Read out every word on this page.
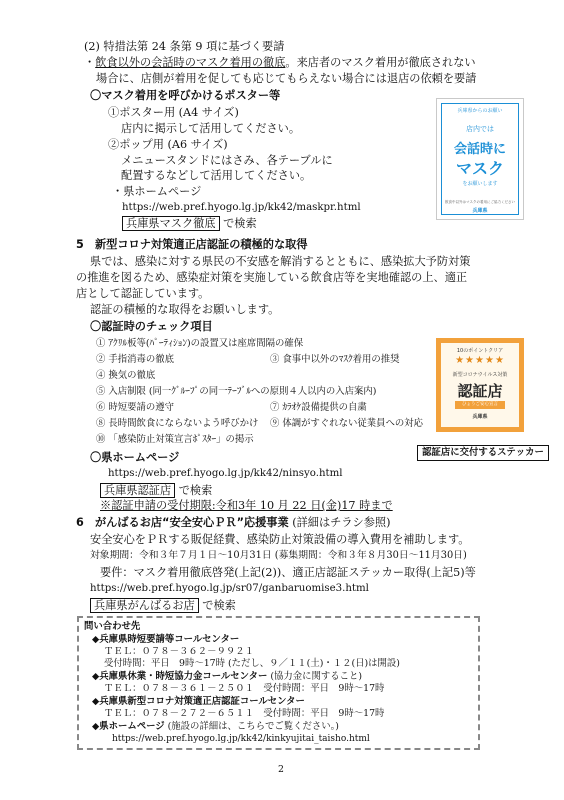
(2) 特措法第 24 条第 9 項に基づく要請
・飲食以外の会話時のマスク着用の徹底。来店者のマスク着用が徹底されない
場合に、店側が着用を促しても応じてもらえない場合には退店の依頼を要請
〇マスク着用を呼びかけるポスター等
①ポスター用 (A4 サイズ)
店内に掲示して活用してください。
②ポップ用 (A6 サイズ)
メニュースタンドにはさみ、各テーブルに
配置するなどして活用してください。
・県ホームページ
https://web.pref.hyogo.lg.jp/kk42/maskpr.html
兵庫県マスク徹底 で検索
兵庫県からのお願い
店内では
会話時に
マスク
をお願いします
飲食中以外はマスクの着用にご協力ください
兵庫県
5　新型コロナ対策適正店認証の積極的な取得
県では、感染に対する県民の不安感を解消するとともに、感染拡大予防対策
の推進を図るため、感染症対策を実施している飲食店等を実地確認の上、適正
店として認証しています。
認証の積極的な取得をお願いします。
〇認証時のチェック項目
① ｱｸﾘﾙ板等(ﾊﾟｰﾃｨｼｮﾝ)の設置又は座席間隔の確保
② 手指消毒の徹底	③ 食事中以外のﾏｽｸ着用の推奨
④ 換気の徹底
⑤ 入店制限 (同一ｸﾞﾙｰﾌﾟの同一ﾃｰﾌﾞﾙへの原則４人以内の入店案内)
⑥ 時短要請の遵守	⑦ ｶﾗｵｹ設備提供の自粛
⑧ 長時間飲食にならないよう呼びかけ ⑨ 体調がすぐれない従業員への対応
⑩ 「感染防止対策宣言ﾎﾟｽﾀｰ」の掲示
〇県ホームページ
https://web.pref.hyogo.lg.jp/kk42/ninsyo.html
兵庫県認証店 で検索
※認証申請の受付期限:令和3年 10 月 22 日(金)17 時まで
10のポイントクリア
★★★★★
新型コロナウイルス対策
認証店
ひょうご安心宣言
兵庫県
認証店に交付するステッカー
6　がんばるお店“安全安心ＰＲ”応援事業 (詳細はチラシ参照)
安全安心をＰＲする販促経費、感染防止対策設備の導入費用を補助します。
対象期間：令和３年７月１日～10月31日 (募集期間：令和３年８月30日～11月30日)
要件：マスク着用徹底啓発(上記(2))、適正店認証ステッカー取得(上記5)等
https://web.pref.hyogo.lg.jp/sr07/ganbaruomise3.html
兵庫県がんばるお店 で検索
問い合わせ先
◆兵庫県時短要請等コールセンター
ＴＥＬ：０７８－３６２－９９２１
受付時間：平日　9時～17時 (ただし、９／１１(土)・１２(日)は開設)
◆兵庫県休業・時短協力金コールセンター (協力金に関すること)
ＴＥＬ：０７８－３６１－２５０１　 受付時間：平日　9時～17時
◆兵庫県新型コロナ対策適正店認証コールセンター
ＴＥＬ：０７８－２７２－６５１１　 受付時間：平日　9時～17時
◆県ホームページ (施設の詳細は、こちらでご覧ください。)
https://web.pref.hyogo.lg.jp/kk42/kinkyujitai_taisho.html
2
